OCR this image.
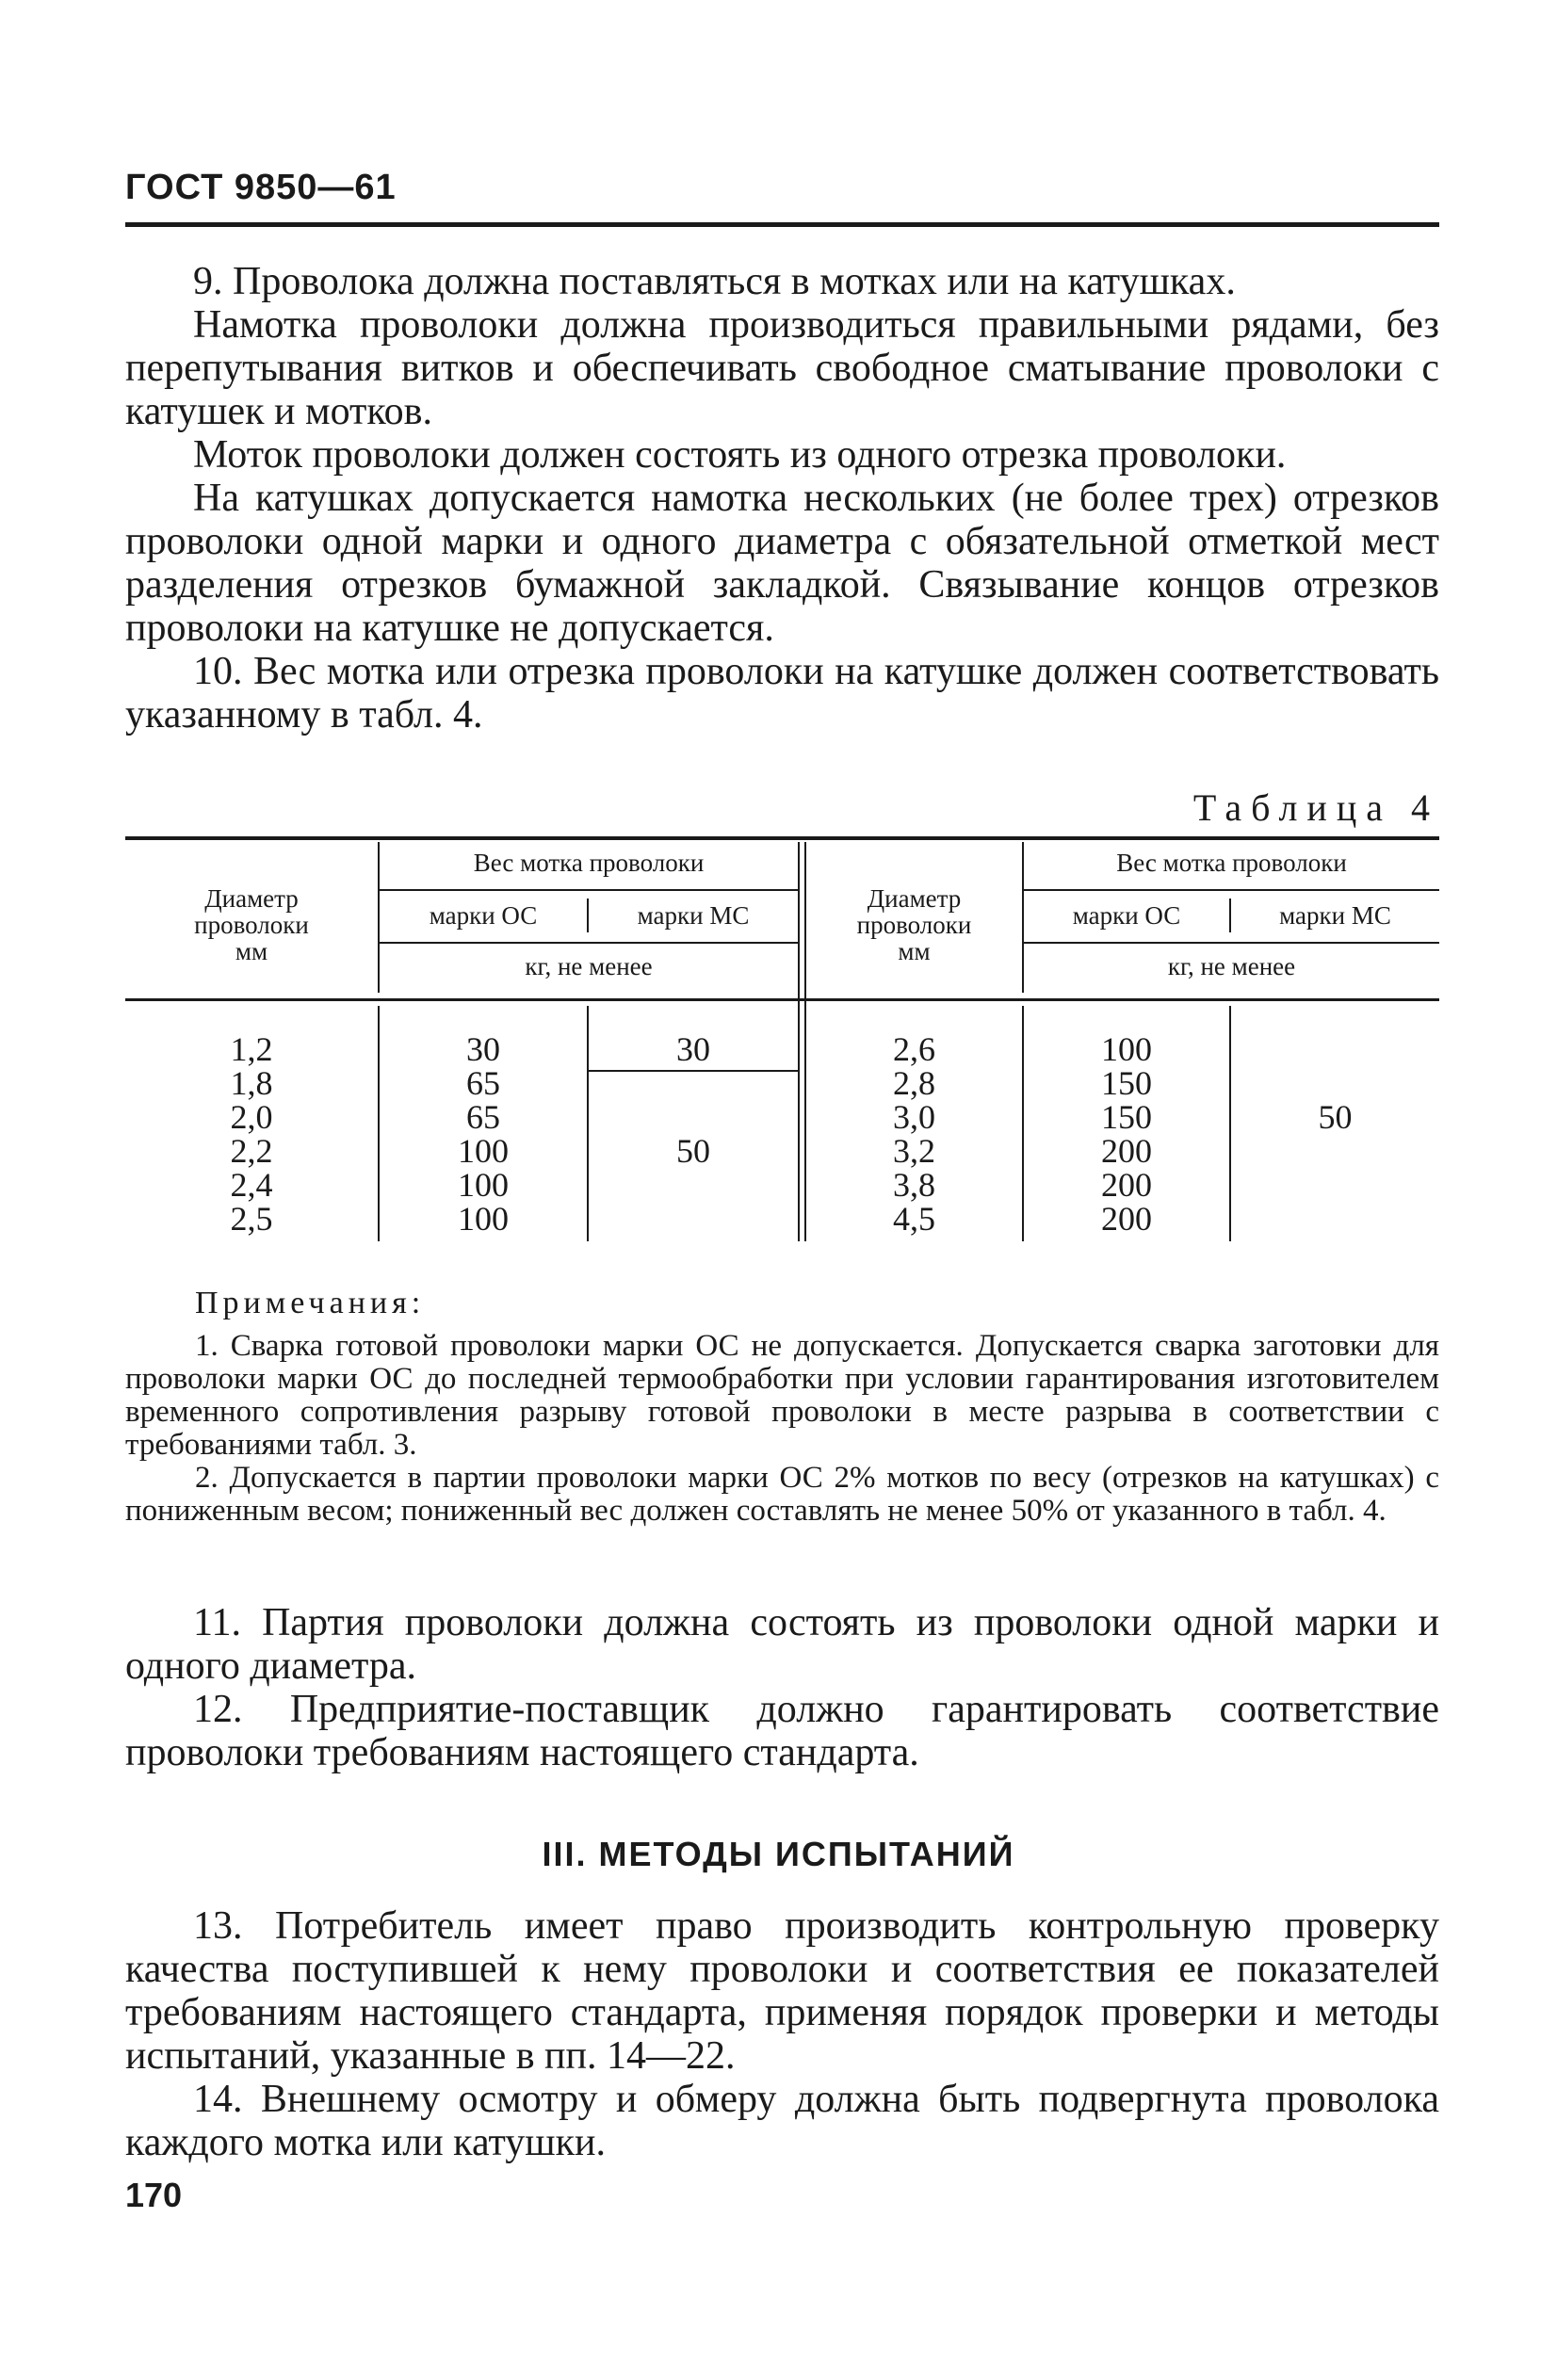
ГОСТ 9850—61

9. Проволока должна поставляться в мотках или на катушках.

Намотка проволоки должна производиться правильными рядами, без перепутывания витков и обеспечивать свободное сматывание проволоки с катушек и мотков.

Моток проволоки должен состоять из одного отрезка проволоки.

На катушках допускается намотка нескольких (не более трех) отрезков проволоки одной марки и одного диаметра с обязательной отметкой мест разделения отрезков бумажной закладкой. Связывание концов отрезков проволоки на катушке не допускается.

10. Вес мотка или отрезка проволоки на катушке должен соответствовать указанному в табл. 4.

Таблица 4
Диаметр
проволоки
мм
Вес мотка проволоки
марки ОС	марки МС
кг, не менее
Диаметр
проволоки
мм
Вес мотка проволоки
марки ОС	марки МС
кг, не менее
1,2
1,8
2,0
2,2
2,4
2,5
30
65
65
100
100
100
30
50
2,6
2,8
3,0
3,2
3,8
4,5
100
150
150
200
200
200
50
Примечания:

1. Сварка готовой проволоки марки ОС не допускается. Допускается сварка заготовки для проволоки марки ОС до последней термообработки при условии гарантирования изготовителем временного сопротивления разрыву готовой проволоки в месте разрыва в соответствии с требованиями табл. 3.

2. Допускается в партии проволоки марки ОС 2% мотков по весу (отрезков на катушках) с пониженным весом; пониженный вес должен составлять не менее 50% от указанного в табл. 4.

11. Партия проволоки должна состоять из проволоки одной марки и одного диаметра.

12. Предприятие-поставщик должно гарантировать соответствие проволоки требованиям настоящего стандарта.

III. МЕТОДЫ ИСПЫТАНИЙ

13. Потребитель имеет право производить контрольную проверку качества поступившей к нему проволоки и соответствия ее показателей требованиям настоящего стандарта, применяя порядок проверки и методы испытаний, указанные в пп. 14—22.

14. Внешнему осмотру и обмеру должна быть подвергнута проволока каждого мотка или катушки.

170
